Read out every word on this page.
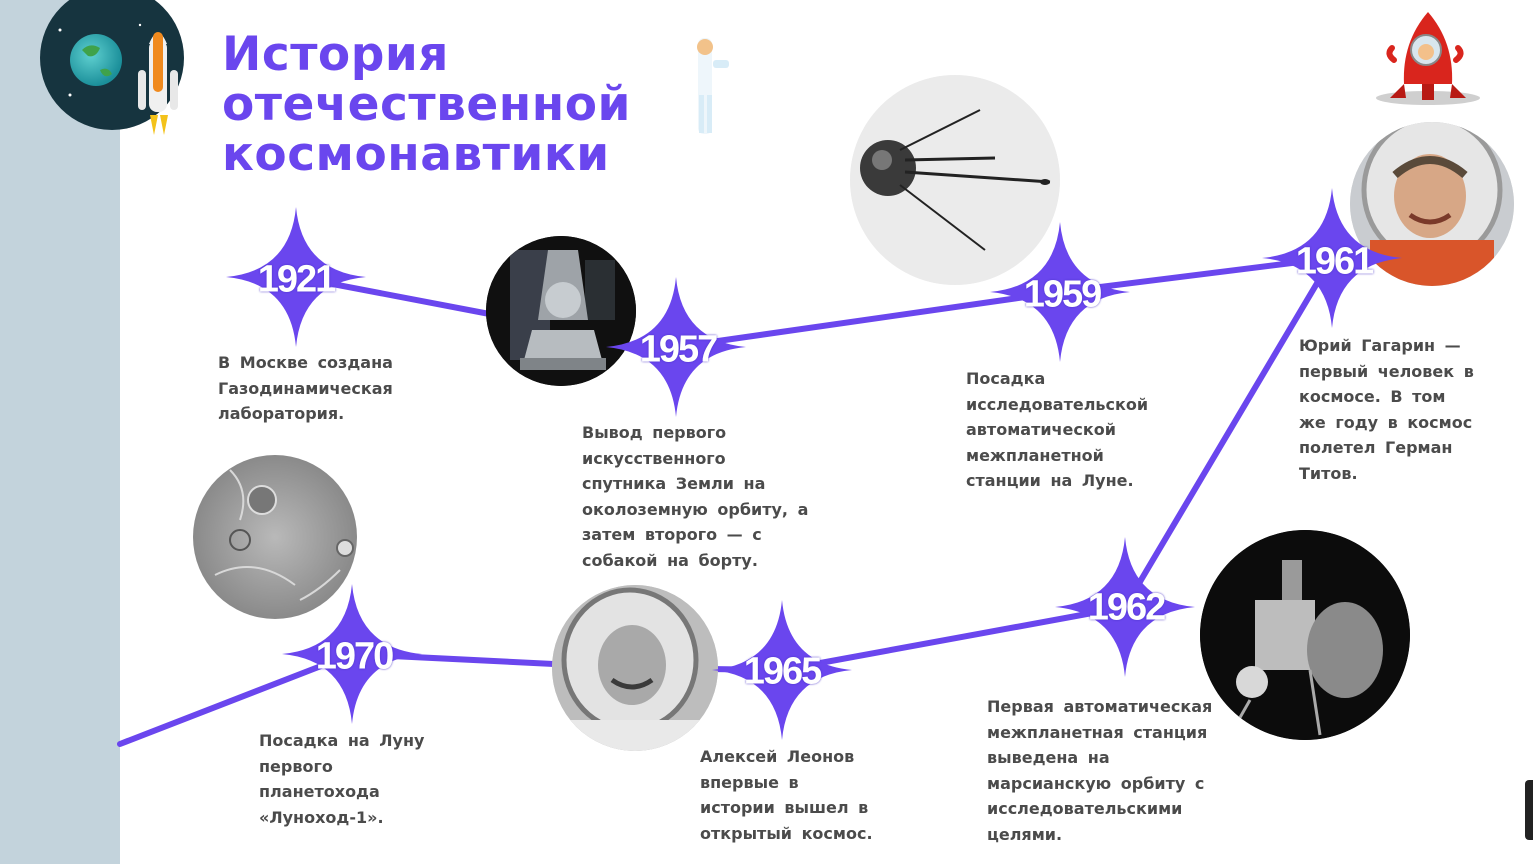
История
отечественной
космонавтики
1921
1957
1959
1961
1962
1965
1970
В Москве создана Газодинамическая лаборатория.
Вывод первого искусственного спутника Земли на околоземную орбиту, а затем второго — с собакой на борту.
Посадка исследовательской автоматической межпланетной станции на Луне.
Юрий Гагарин — первый человек в космосе. В том же году в космос полетел Герман Титов.
Первая автоматическая межпланетная станция выведена на марсианскую орбиту с исследовательскими целями.
Алексей Леонов впервые в истории вышел в открытый космос.
Посадка на Луну первого планетохода «Луноход-1».
